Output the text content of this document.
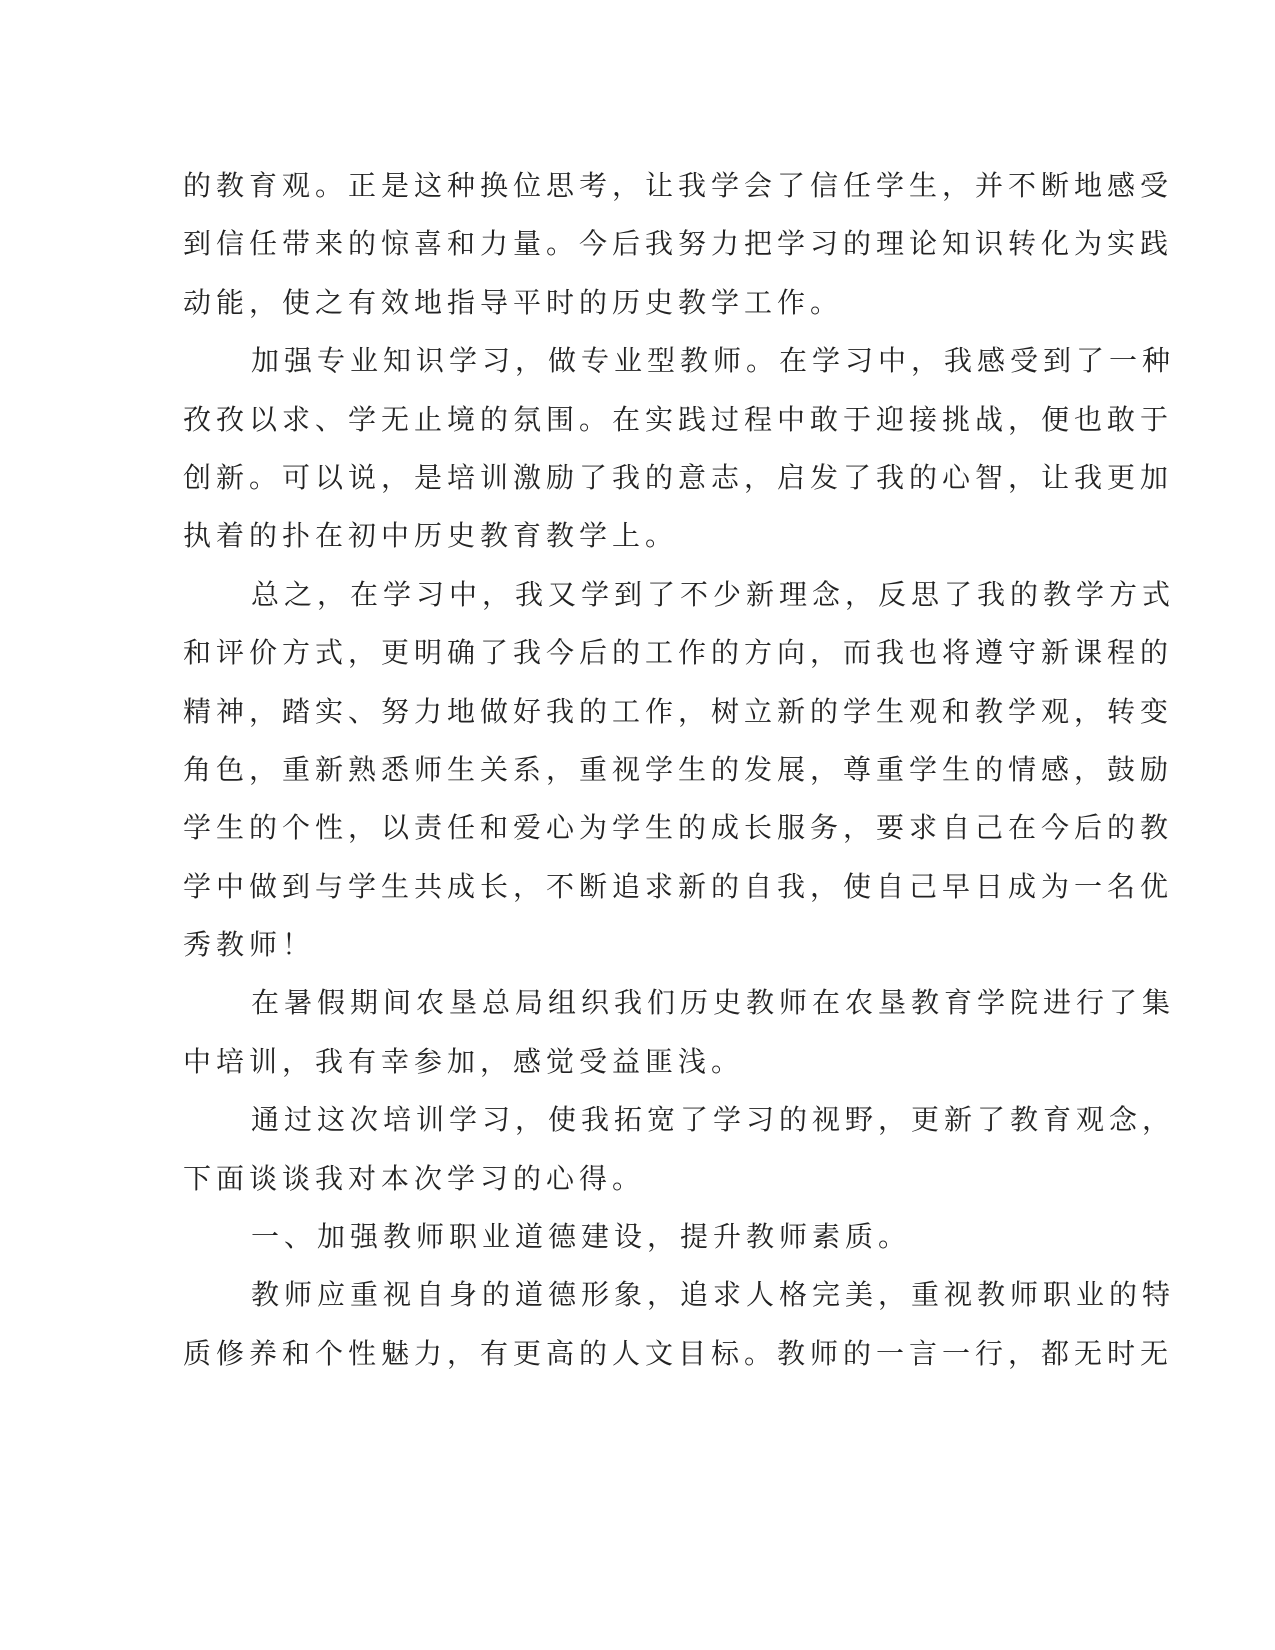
的教育观。正是这种换位思考，让我学会了信任学生，并不断地感受
到信任带来的惊喜和力量。今后我努力把学习的理论知识转化为实践
动能，使之有效地指导平时的历史教学工作。
加强专业知识学习，做专业型教师。在学习中，我感受到了一种
孜孜以求、学无止境的氛围。在实践过程中敢于迎接挑战，便也敢于
创新。可以说，是培训激励了我的意志，启发了我的心智，让我更加
执着的扑在初中历史教育教学上。
总之，在学习中，我又学到了不少新理念，反思了我的教学方式
和评价方式，更明确了我今后的工作的方向，而我也将遵守新课程的
精神，踏实、努力地做好我的工作，树立新的学生观和教学观，转变
角色，重新熟悉师生关系，重视学生的发展，尊重学生的情感，鼓励
学生的个性，以责任和爱心为学生的成长服务，要求自己在今后的教
学中做到与学生共成长，不断追求新的自我，使自己早日成为一名优
秀教师！
在暑假期间农垦总局组织我们历史教师在农垦教育学院进行了集
中培训，我有幸参加，感觉受益匪浅。
通过这次培训学习，使我拓宽了学习的视野，更新了教育观念，
下面谈谈我对本次学习的心得。
一、加强教师职业道德建设，提升教师素质。
教师应重视自身的道德形象，追求人格完美，重视教师职业的特
质修养和个性魅力，有更高的人文目标。教师的一言一行，都无时无
